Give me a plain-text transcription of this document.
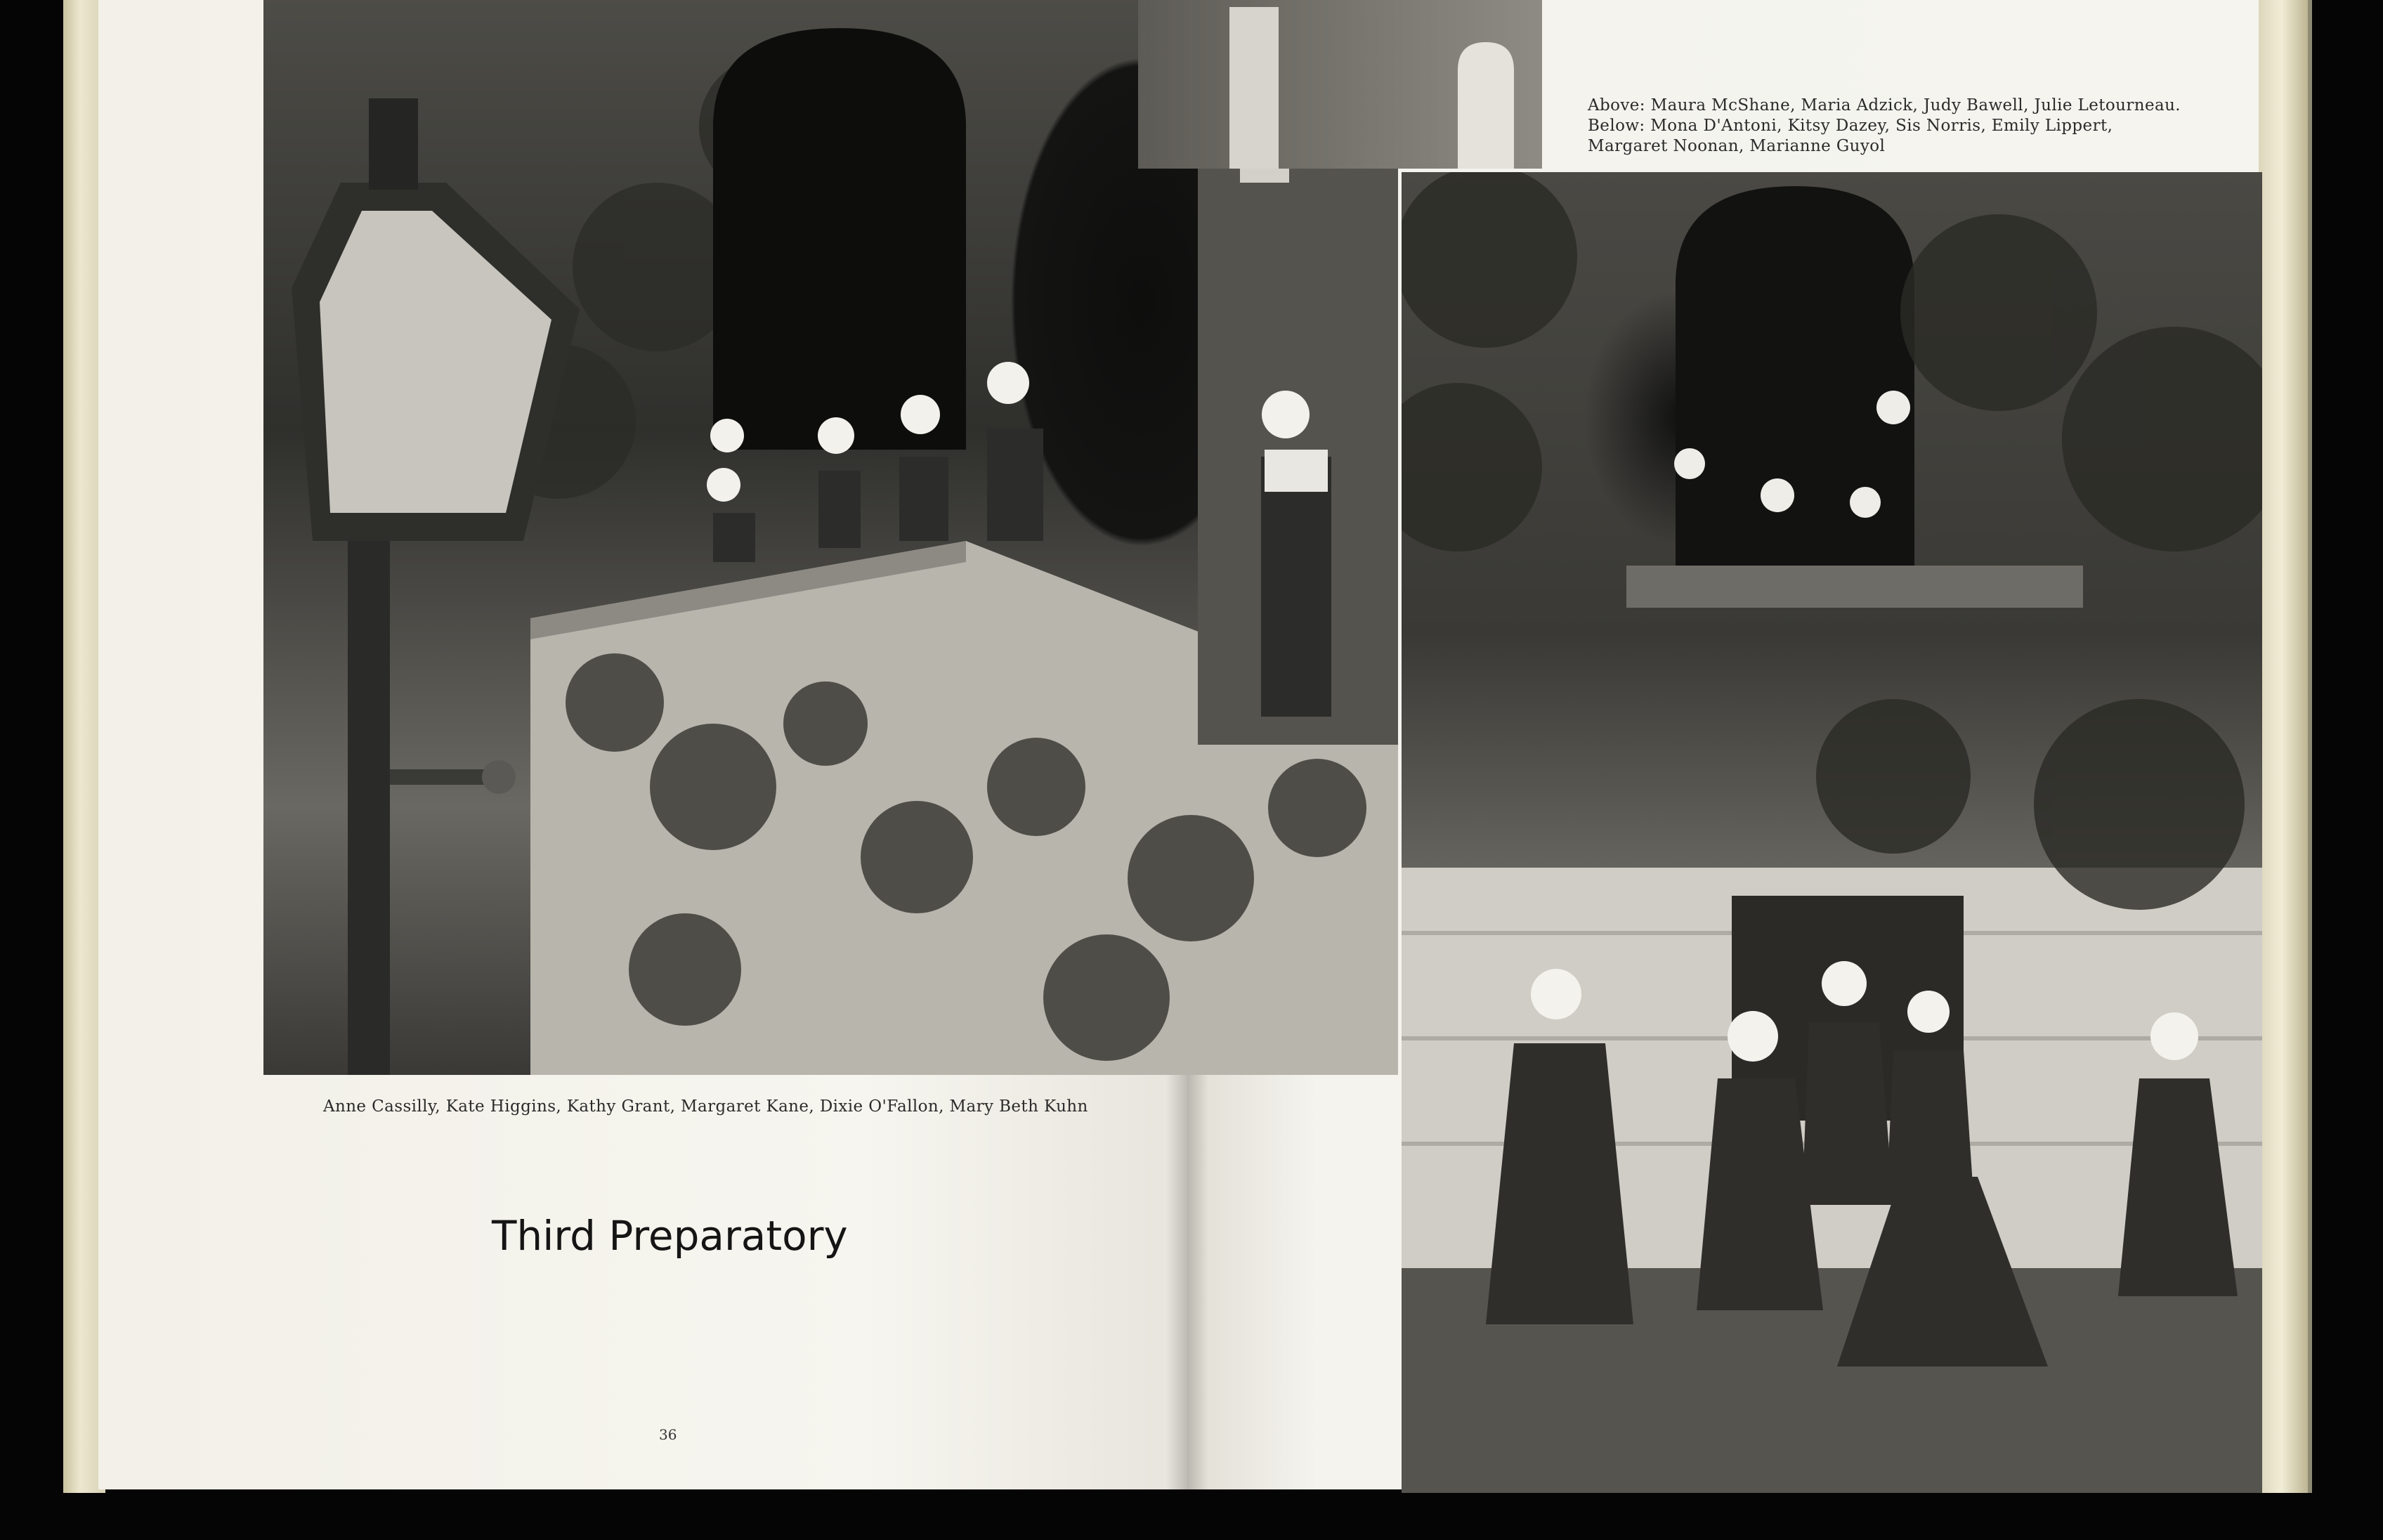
Anne Cassilly, Kate Higgins, Kathy Grant, Margaret Kane, Dixie O'Fallon, Mary Beth Kuhn
Third Preparatory
36
Above: Maura McShane, Maria Adzick, Judy Bawell, Julie Letourneau.
Below: Mona D'Antoni, Kitsy Dazey, Sis Norris, Emily Lippert,
Margaret Noonan, Marianne Guyol
